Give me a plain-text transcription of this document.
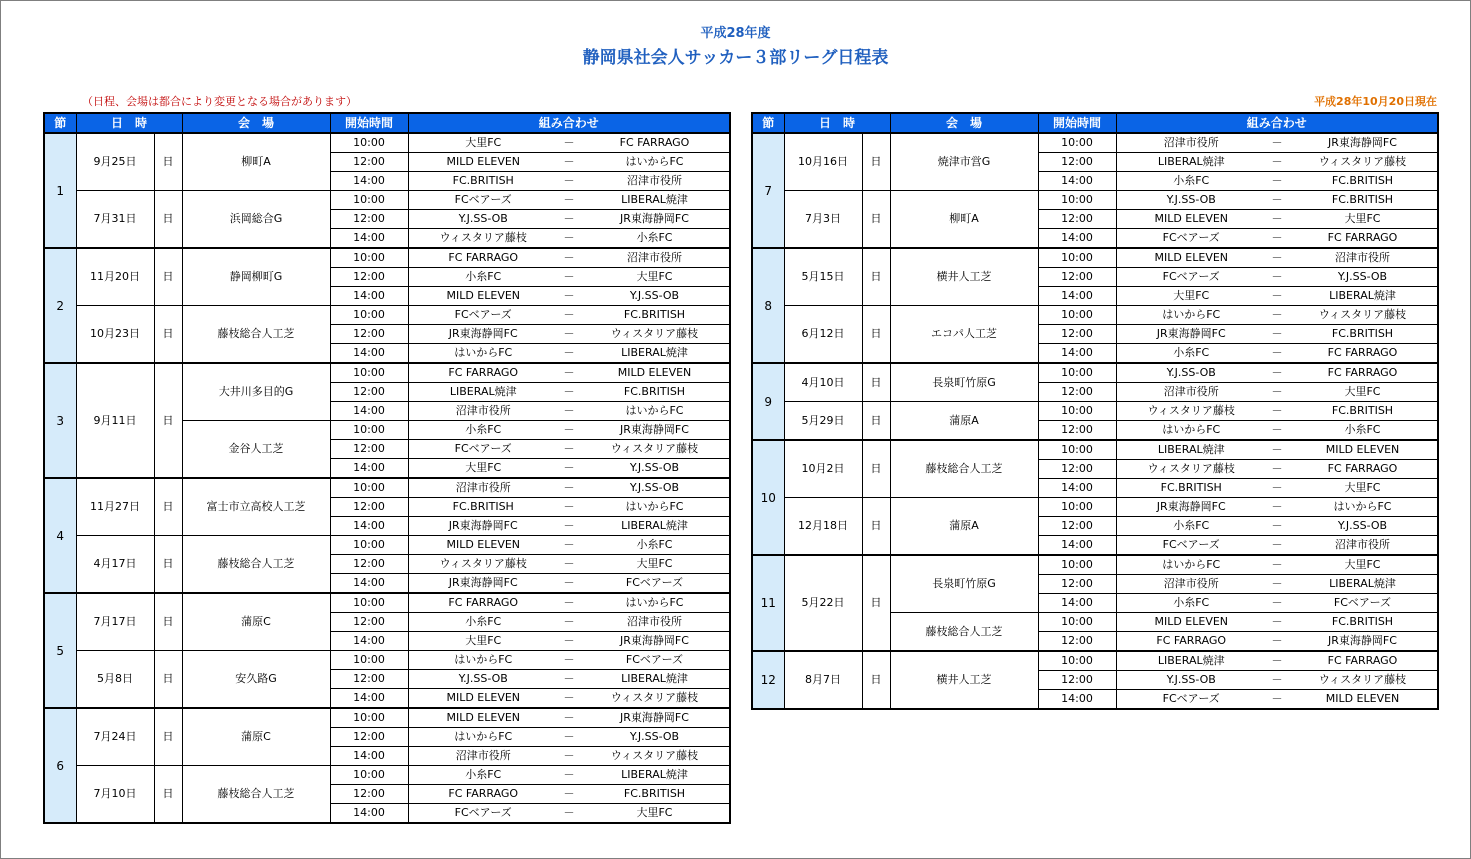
平成28年度
静岡県社会人サッカー３部リーグ日程表
（日程、会場は都合により変更となる場合があります）	平成28年10月20日現在
節	日　時		会　場	開始時間	組み合わせ		
1	9月25日	日	柳町A	10:00	大里FC	－	FC FARRAGO
				12:00	MILD ELEVEN	－	はいからFC
				14:00	FC.BRITISH	－	沼津市役所
	7月31日	日	浜岡総合G	10:00	FCベアーズ	－	LIBERAL焼津
				12:00	Y.J.SS-OB	－	JR東海静岡FC
				14:00	ウィスタリア藤枝	－	小糸FC
2	11月20日	日	静岡柳町G	10:00	FC FARRAGO	－	沼津市役所
				12:00	小糸FC	－	大里FC
				14:00	MILD ELEVEN	－	Y.J.SS-OB
	10月23日	日	藤枝総合人工芝	10:00	FCベアーズ	－	FC.BRITISH
				12:00	JR東海静岡FC	－	ウィスタリア藤枝
				14:00	はいからFC	－	LIBERAL焼津
3	9月11日	日	大井川多目的G	10:00	FC FARRAGO	－	MILD ELEVEN
				12:00	LIBERAL焼津	－	FC.BRITISH
				14:00	沼津市役所	－	はいからFC
			金谷人工芝	10:00	小糸FC	－	JR東海静岡FC
				12:00	FCベアーズ	－	ウィスタリア藤枝
				14:00	大里FC	－	Y.J.SS-OB
4	11月27日	日	富士市立高校人工芝	10:00	沼津市役所	－	Y.J.SS-OB
				12:00	FC.BRITISH	－	はいからFC
				14:00	JR東海静岡FC	－	LIBERAL焼津
	4月17日	日	藤枝総合人工芝	10:00	MILD ELEVEN	－	小糸FC
				12:00	ウィスタリア藤枝	－	大里FC
				14:00	JR東海静岡FC	－	FCベアーズ
5	7月17日	日	蒲原C	10:00	FC FARRAGO	－	はいからFC
				12:00	小糸FC	－	沼津市役所
				14:00	大里FC	－	JR東海静岡FC
	5月8日	日	安久路G	10:00	はいからFC	－	FCベアーズ
				12:00	Y.J.SS-OB	－	LIBERAL焼津
				14:00	MILD ELEVEN	－	ウィスタリア藤枝
6	7月24日	日	蒲原C	10:00	MILD ELEVEN	－	JR東海静岡FC
				12:00	はいからFC	－	Y.J.SS-OB
				14:00	沼津市役所	－	ウィスタリア藤枝
	7月10日	日	藤枝総合人工芝	10:00	小糸FC	－	LIBERAL焼津
				12:00	FC FARRAGO	－	FC.BRITISH
				14:00	FCベアーズ	－	大里FC
節	日　時		会　場	開始時間	組み合わせ		
7	10月16日	日	焼津市営G	10:00	沼津市役所	－	JR東海静岡FC
				12:00	LIBERAL焼津	－	ウィスタリア藤枝
				14:00	小糸FC	－	FC.BRITISH
	7月3日	日	柳町A	10:00	Y.J.SS-OB	－	FC.BRITISH
				12:00	MILD ELEVEN	－	大里FC
				14:00	FCベアーズ	－	FC FARRAGO
8	5月15日	日	横井人工芝	10:00	MILD ELEVEN	－	沼津市役所
				12:00	FCベアーズ	－	Y.J.SS-OB
				14:00	大里FC	－	LIBERAL焼津
	6月12日	日	エコパ人工芝	10:00	はいからFC	－	ウィスタリア藤枝
				12:00	JR東海静岡FC	－	FC.BRITISH
				14:00	小糸FC	－	FC FARRAGO
9	4月10日	日	長泉町竹原G	10:00	Y.J.SS-OB	－	FC FARRAGO
				12:00	沼津市役所	－	大里FC
	5月29日	日	蒲原A	10:00	ウィスタリア藤枝	－	FC.BRITISH
				12:00	はいからFC	－	小糸FC
10	10月2日	日	藤枝総合人工芝	10:00	LIBERAL焼津	－	MILD ELEVEN
				12:00	ウィスタリア藤枝	－	FC FARRAGO
				14:00	FC.BRITISH	－	大里FC
	12月18日	日	蒲原A	10:00	JR東海静岡FC	－	はいからFC
				12:00	小糸FC	－	Y.J.SS-OB
				14:00	FCベアーズ	－	沼津市役所
11	5月22日	日	長泉町竹原G	10:00	はいからFC	－	大里FC
				12:00	沼津市役所	－	LIBERAL焼津
				14:00	小糸FC	－	FCベアーズ
			藤枝総合人工芝	10:00	MILD ELEVEN	－	FC.BRITISH
				12:00	FC FARRAGO	－	JR東海静岡FC
12	8月7日	日	横井人工芝	10:00	LIBERAL焼津	－	FC FARRAGO
				12:00	Y.J.SS-OB	－	ウィスタリア藤枝
				14:00	FCベアーズ	－	MILD ELEVEN
